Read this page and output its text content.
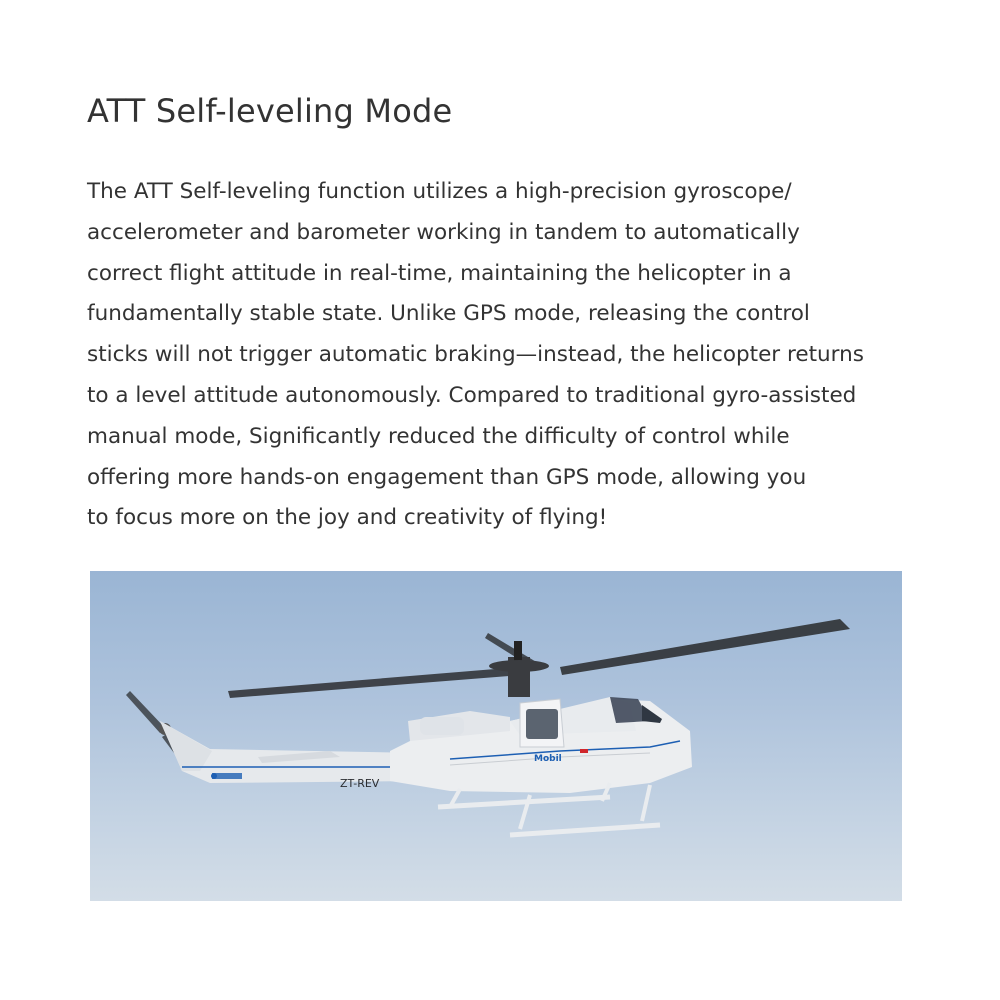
ATT Self-leveling Mode
The ATT Self-leveling function utilizes a high-precision gyroscope/
accelerometer and barometer working in tandem to automatically
correct flight attitude in real-time, maintaining the helicopter in a
fundamentally stable state. Unlike GPS mode, releasing the control
sticks will not trigger automatic braking—instead, the helicopter returns
to a level attitude autonomously. Compared to traditional gyro-assisted
manual mode, Significantly reduced the difficulty of control while
offering more hands-on engagement than GPS mode, allowing you
to focus more on the joy and creativity of flying!
ZT-REV
Mobil
